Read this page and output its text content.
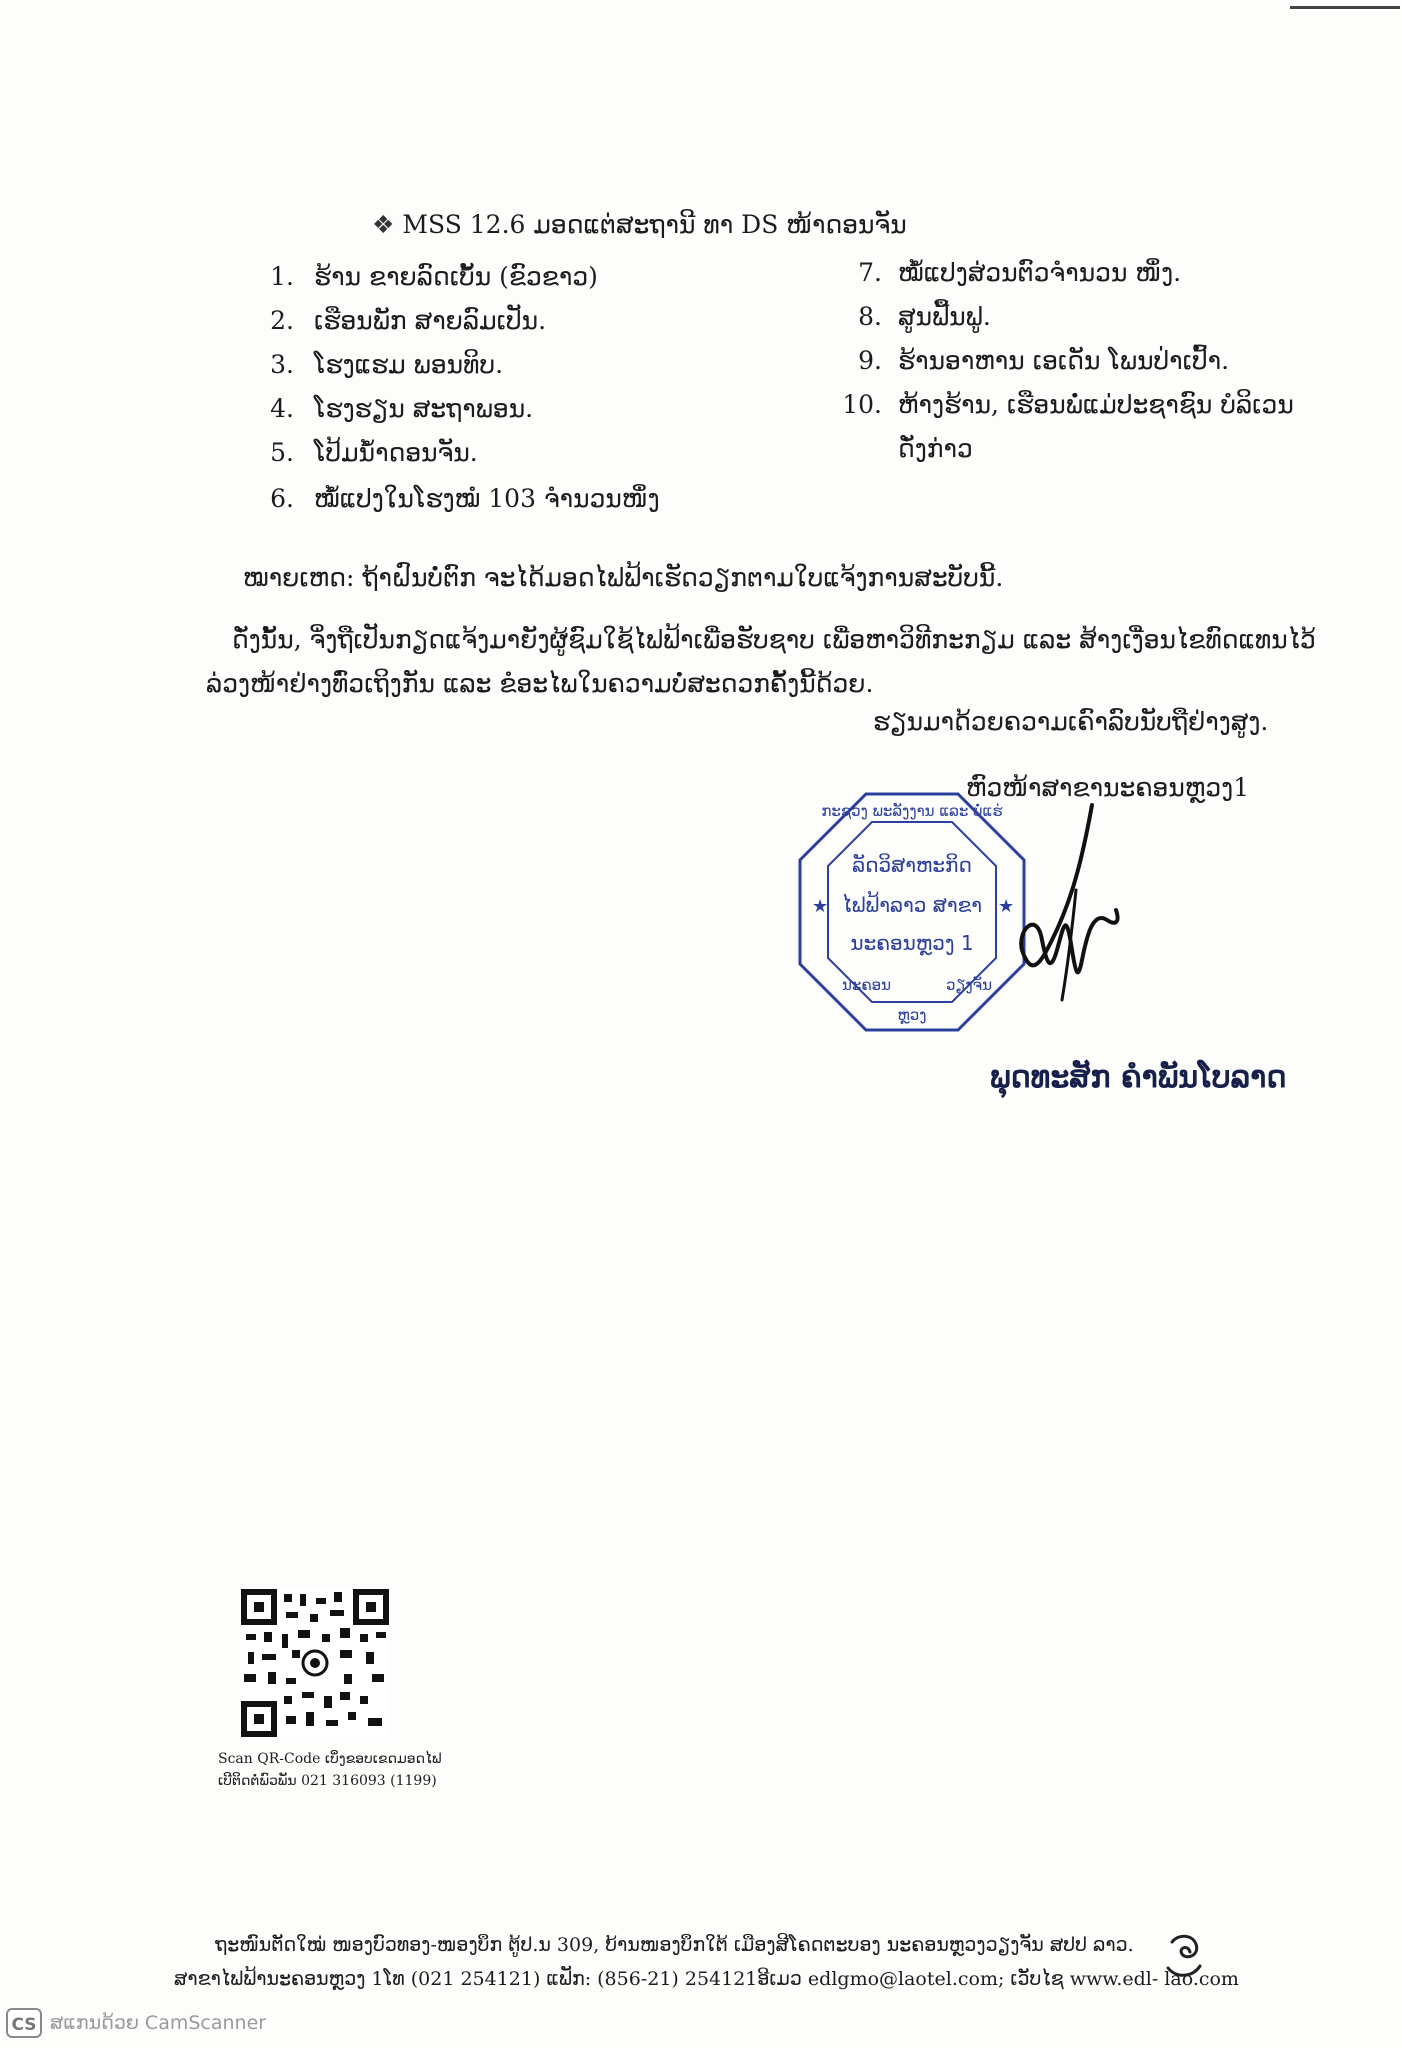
❖ MSS 12.6 ມອດແຕ່ສະຖານີ ທາ DS ໜ້າດອນຈັນ
1. ຮ້ານ ຂາຍລົດເບັ້ນ (ຂົວຂາວ)
2. ເຮືອນພັກ ສາຍລົມເປັນ.
3. ໂຮງແຮມ ພອນທິບ.
4. ໂຮງຮຽນ ສະຖາພອນ.
5. ໂປ້ມນ້ຳດອນຈັນ.
6. ໝໍ້ແປງໃນໂຮງໝໍ 103 ຈຳນວນໜຶ່ງ
7. ໝໍ້ແປງສ່ວນຕົວຈຳນວນ ໜຶ່ງ.
8. ສູນຟື້ນຟູ.
9. ຮ້ານອາຫານ ເອເດັນ ໂພນປ່າເປົ້າ.
10. ຫ້າງຮ້ານ, ເຮືອນພໍ່ແມ່ປະຊາຊົນ ບໍລິເວນ
ດັ່ງກ່າວ
ໝາຍເຫດ: ຖ້າຝົນບໍ່ຕົກ ຈະໄດ້ມອດໄຟຟ້າເຮັດວຽກຕາມໃບແຈ້ງການສະບັບນີ້.
ດັ່ງນັ້ນ, ຈິ່ງຖືເປັນກຽດແຈ້ງມາຍັງຜູ້ຊົມໃຊ້ໄຟຟ້າເພື່ອຮັບຊາບ ເພື່ອຫາວິທີກະກຽມ ແລະ ສ້າງເງື່ອນໄຂທົດແທນໄວ້
ລ່ວງໜ້າຢ່າງທົ່ວເຖິງກັນ ແລະ ຂໍອະໄພໃນຄວາມບໍ່ສະດວກຄັ້ງນີ້ດ້ວຍ.
ຮຽນມາດ້ວຍຄວາມເຄົາລົບນັບຖືຢ່າງສູງ.
ຫົວໜ້າສາຂານະຄອນຫຼວງ1
ກະຊວງ ພະລັງງານ ແລະ ບໍ່ແຮ່
ລັດວິສາຫະກິດ
ໄຟຟ້າລາວ ສາຂາ
ນະຄອນຫຼວງ 1
★	★
ນະຄອນ
ຫຼວງ
ວຽງຈັນ
ພຸດທະສັກ ຄຳພັນໂບລາດ
Scan QR-Code ເບິ່ງຂອບເຂດມອດໄຟ
ເບີຕິດຕໍ່ພົວພັນ 021 316093 (1199)
ຖະໜົນຕັດໃໝ່ ໜອງບົວທອງ-ໜອງບຶກ ຕູ້ປ.ນ 309, ບ້ານໜອງບຶກໃຕ້ ເມືອງສີໂຄດຕະບອງ ນະຄອນຫຼວງວຽງຈັນ ສປປ ລາວ.
ສາຂາໄຟຟ້ານະຄອນຫຼວງ 1ໂທ (021 254121) ແຟັກ: (856-21) 254121ອີເມວ edlgmo@laotel.com; ເວັບໄຊ www.edl- lao.com
CS ສແກນດ້ວຍ CamScanner
